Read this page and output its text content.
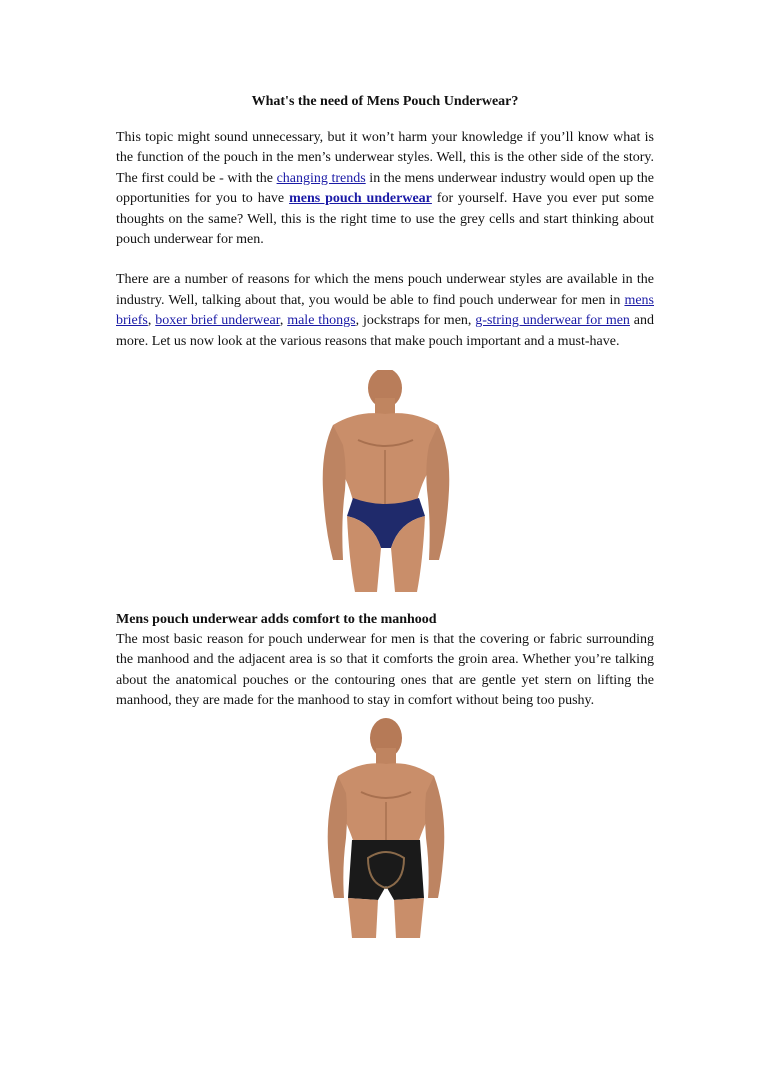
What's the need of Mens Pouch Underwear?

This topic might sound unnecessary, but it won’t harm your knowledge if you’ll know what is the function of the pouch in the men’s underwear styles. Well, this is the other side of the story. The first could be - with the changing trends in the mens underwear industry would open up the opportunities for you to have mens pouch underwear for yourself. Have you ever put some thoughts on the same? Well, this is the right time to use the grey cells and start thinking about pouch underwear for men.

There are a number of reasons for which the mens pouch underwear styles are available in the industry. Well, talking about that, you would be able to find pouch underwear for men in mens briefs, boxer brief underwear, male thongs, jockstraps for men, g-string underwear for men and more. Let us now look at the various reasons that make pouch important and a must-have.

Mens pouch underwear adds comfort to the manhood

The most basic reason for pouch underwear for men is that the covering or fabric surrounding the manhood and the adjacent area is so that it comforts the groin area. Whether you’re talking about the anatomical pouches or the contouring ones that are gentle yet stern on lifting the manhood, they are made for the manhood to stay in comfort without being too pushy.
